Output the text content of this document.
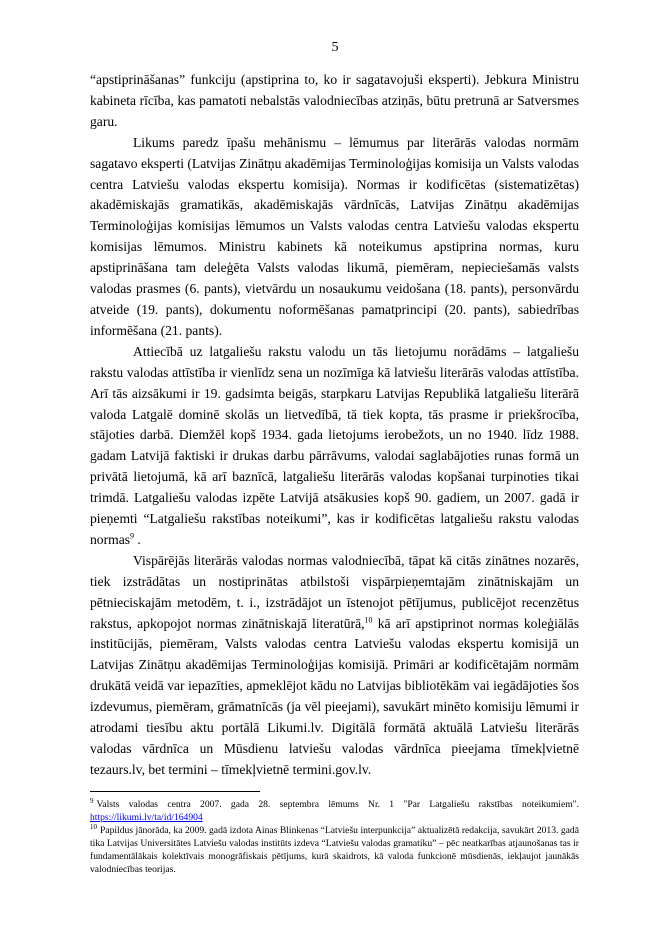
5

“apstiprināšanas” funkciju (apstiprina to, ko ir sagatavojuši eksperti). Jebkura Ministru kabineta rīcība, kas pamatoti nebalstās valodniecības atziņās, būtu pretrunā ar Satversmes garu.

Likums paredz īpašu mehānismu – lēmumus par literārās valodas normām sagatavo eksperti (Latvijas Zinātņu akadēmijas Terminoloģijas komisija un Valsts valodas centra Latviešu valodas ekspertu komisija). Normas ir kodificētas (sistematizētas) akadēmiskajās gramatikās, akadēmiskajās vārdnīcās, Latvijas Zinātņu akadēmijas Terminoloģijas komisijas lēmumos un Valsts valodas centra Latviešu valodas ekspertu komisijas lēmumos. Ministru kabinets kā noteikumus apstiprina normas, kuru apstiprināšana tam deleģēta Valsts valodas likumā, piemēram, nepieciešamās valsts valodas prasmes (6. pants), vietvārdu un nosaukumu veidošana (18. pants), personvārdu atveide (19. pants), dokumentu noformēšanas pamatprincipi (20. pants), sabiedrības informēšana (21. pants).

Attiecībā uz latgaliešu rakstu valodu un tās lietojumu norādāms – latgaliešu rakstu valodas attīstība ir vienlīdz sena un nozīmīga kā latviešu literārās valodas attīstība. Arī tās aizsākumi ir 19. gadsimta beigās, starpkaru Latvijas Republikā latgaliešu literārā valoda Latgalē dominē skolās un lietvedībā, tā tiek kopta, tās prasme ir priekšrocība, stājoties darbā. Diemžēl kopš 1934. gada lietojums ierobežots, un no 1940. līdz 1988. gadam Latvijā faktiski ir drukas darbu pārrāvums, valodai saglabājoties runas formā un privātā lietojumā, kā arī baznīcā, latgaliešu literārās valodas kopšanai turpinoties tikai trimdā. Latgaliešu valodas izpēte Latvijā atsākusies kopš 90. gadiem, un 2007. gadā ir pieņemti “Latgaliešu rakstības noteikumi”, kas ir kodificētas latgaliešu rakstu valodas normas$^9$ .

Vispārējās literārās valodas normas valodniecībā, tāpat kā citās zinātnes nozarēs, tiek izstrādātas un nostiprinātas atbilstoši vispārpieņemtajām zinātniskajām un pētnieciskajām metodēm, t. i., izstrādājot un īstenojot pētījumus, publicējot recenzētus rakstus, apkopojot normas zinātniskajā literatūrā,$^{10}$ kā arī apstiprinot normas koleģiālās institūcijās, piemēram, Valsts valodas centra Latviešu valodas ekspertu komisijā un Latvijas Zinātņu akadēmijas Terminoloģijas komisijā. Primāri ar kodificētajām normām drukātā veidā var iepazīties, apmeklējot kādu no Latvijas bibliotēkām vai iegādājoties šos izdevumus, piemēram, grāmatnīcās (ja vēl pieejami), savukārt minēto komisiju lēmumi ir atrodami tiesību aktu portālā Likumi.lv. Digitālā formātā aktuālā Latviešu literārās valodas vārdnīca un Mūsdienu latviešu valodas vārdnīca pieejama tīmekļvietnē tezaurs.lv, bet termini – tīmekļvietnē termini.gov.lv.

$^9$ Valsts valodas centra 2007. gada 28. septembra lēmums Nr. 1 "Par Latgaliešu rakstības noteikumiem". https://likumi.lv/ta/id/164904

$^{10}$ Papildus jānorāda, ka 2009. gadā izdota Ainas Blinkenas “Latviešu interpunkcija” aktualizētā redakcija, savukārt 2013. gadā tika Latvijas Universitātes Latviešu valodas institūts izdeva “Latviešu valodas gramatiku” – pēc neatkarības atjaunošanas tas ir fundamentālākais kolektīvais monogrāfiskais pētījums, kurā skaidrots, kā valoda funkcionē mūsdienās, iekļaujot jaunākās valodniecības teorijas.
